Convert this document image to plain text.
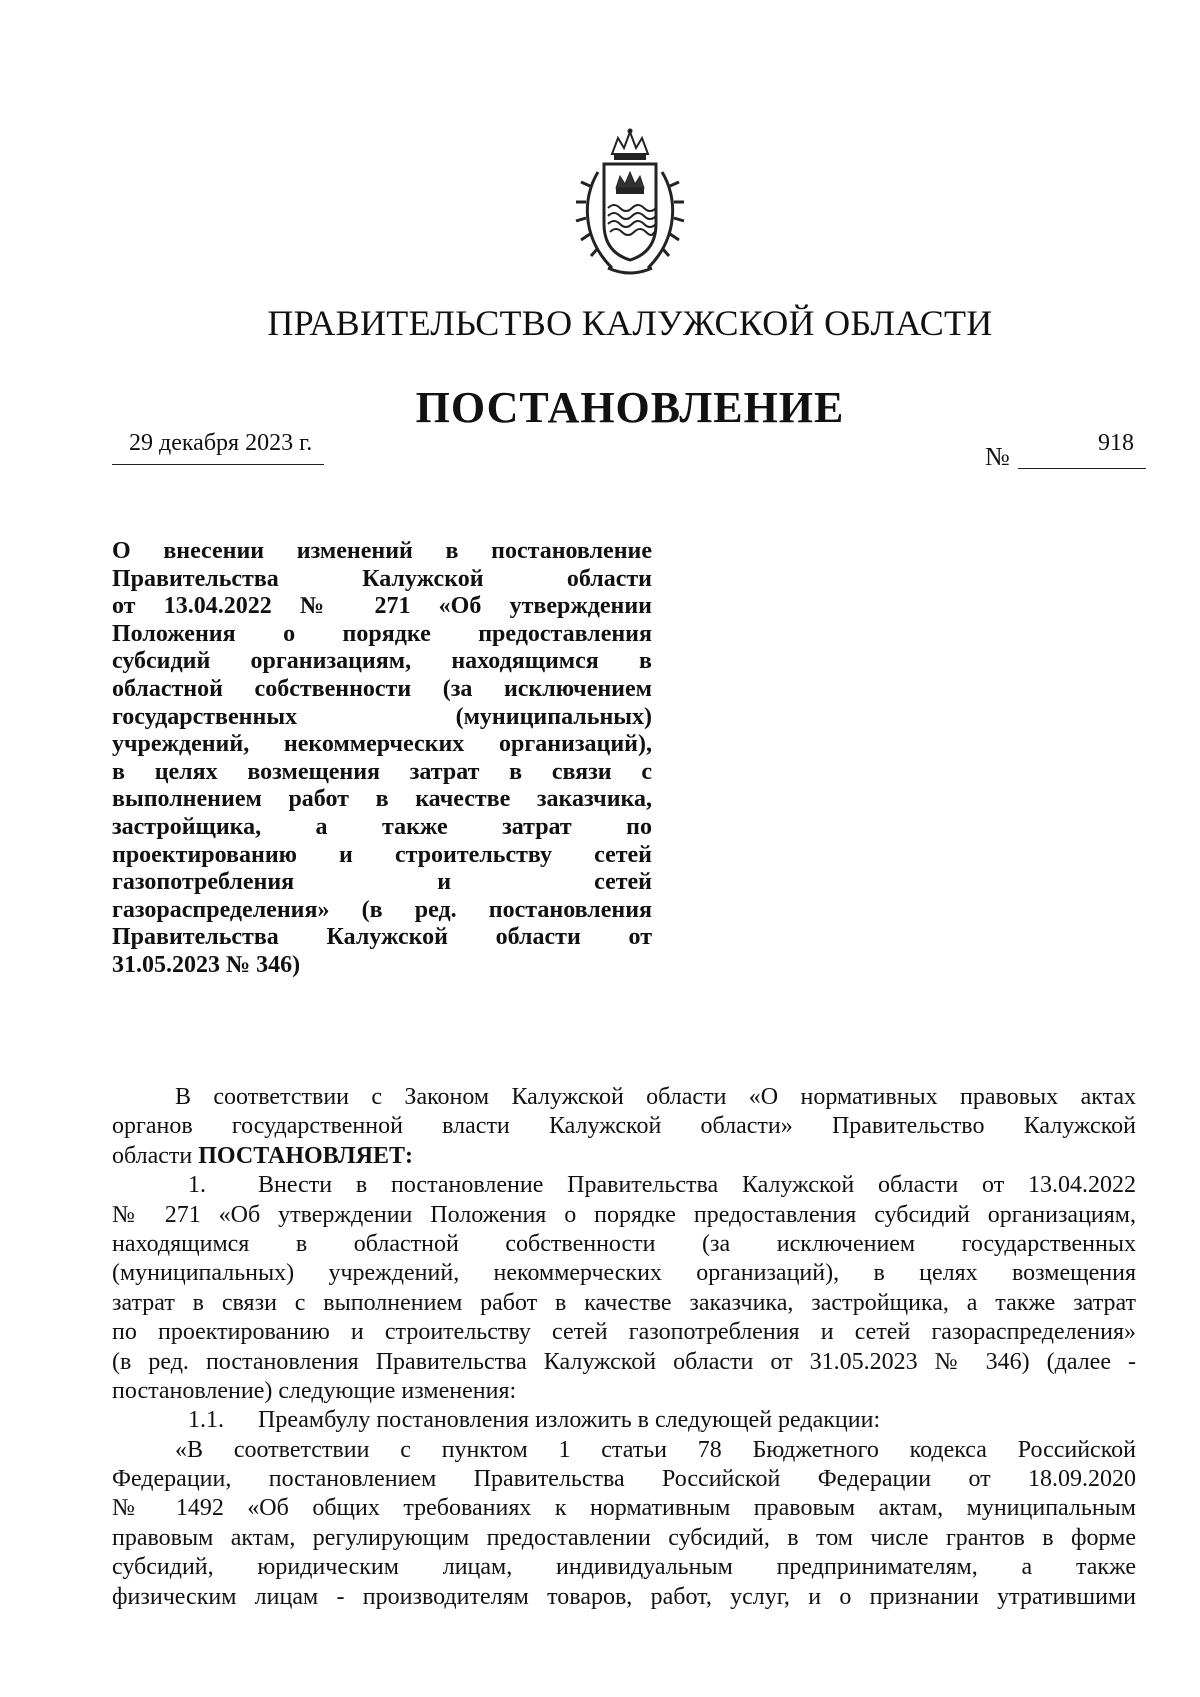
ПРАВИТЕЛЬСТВО КАЛУЖСКОЙ ОБЛАСТИ
ПОСТАНОВЛЕНИЕ
29 декабря 2023 г.	№	918
О внесении изменений в постановление
Правительства Калужской области
от 13.04.2022 № 271 «Об утверждении
Положения о порядке предоставления
субсидий организациям, находящимся в
областной собственности (за исключением
государственных (муниципальных)
учреждений, некоммерческих организаций),
в целях возмещения затрат в связи с
выполнением работ в качестве заказчика,
застройщика, а также затрат по
проектированию и строительству сетей
газопотребления и сетей
газораспределения» (в ред. постановления
Правительства Калужской области от
31.05.2023 № 346)
В соответствии с Законом Калужской области «О нормативных правовых актах
органов государственной власти Калужской области» Правительство Калужской
области ПОСТАНОВЛЯЕТ:
1. Внести в постановление Правительства Калужской области от 13.04.2022
№ 271 «Об утверждении Положения о порядке предоставления субсидий организациям,
находящимся в областной собственности (за исключением государственных
(муниципальных) учреждений, некоммерческих организаций), в целях возмещения
затрат в связи с выполнением работ в качестве заказчика, застройщика, а также затрат
по проектированию и строительству сетей газопотребления и сетей газораспределения»
(в ред. постановления Правительства Калужской области от 31.05.2023 № 346) (далее -
постановление) следующие изменения:
1.1. Преамбулу постановления изложить в следующей редакции:
«В соответствии с пунктом 1 статьи 78 Бюджетного кодекса Российской
Федерации, постановлением Правительства Российской Федерации от 18.09.2020
№ 1492 «Об общих требованиях к нормативным правовым актам, муниципальным
правовым актам, регулирующим предоставлении субсидий, в том числе грантов в форме
субсидий, юридическим лицам, индивидуальным предпринимателям, а также
физическим лицам - производителям товаров, работ, услуг, и о признании утратившими
